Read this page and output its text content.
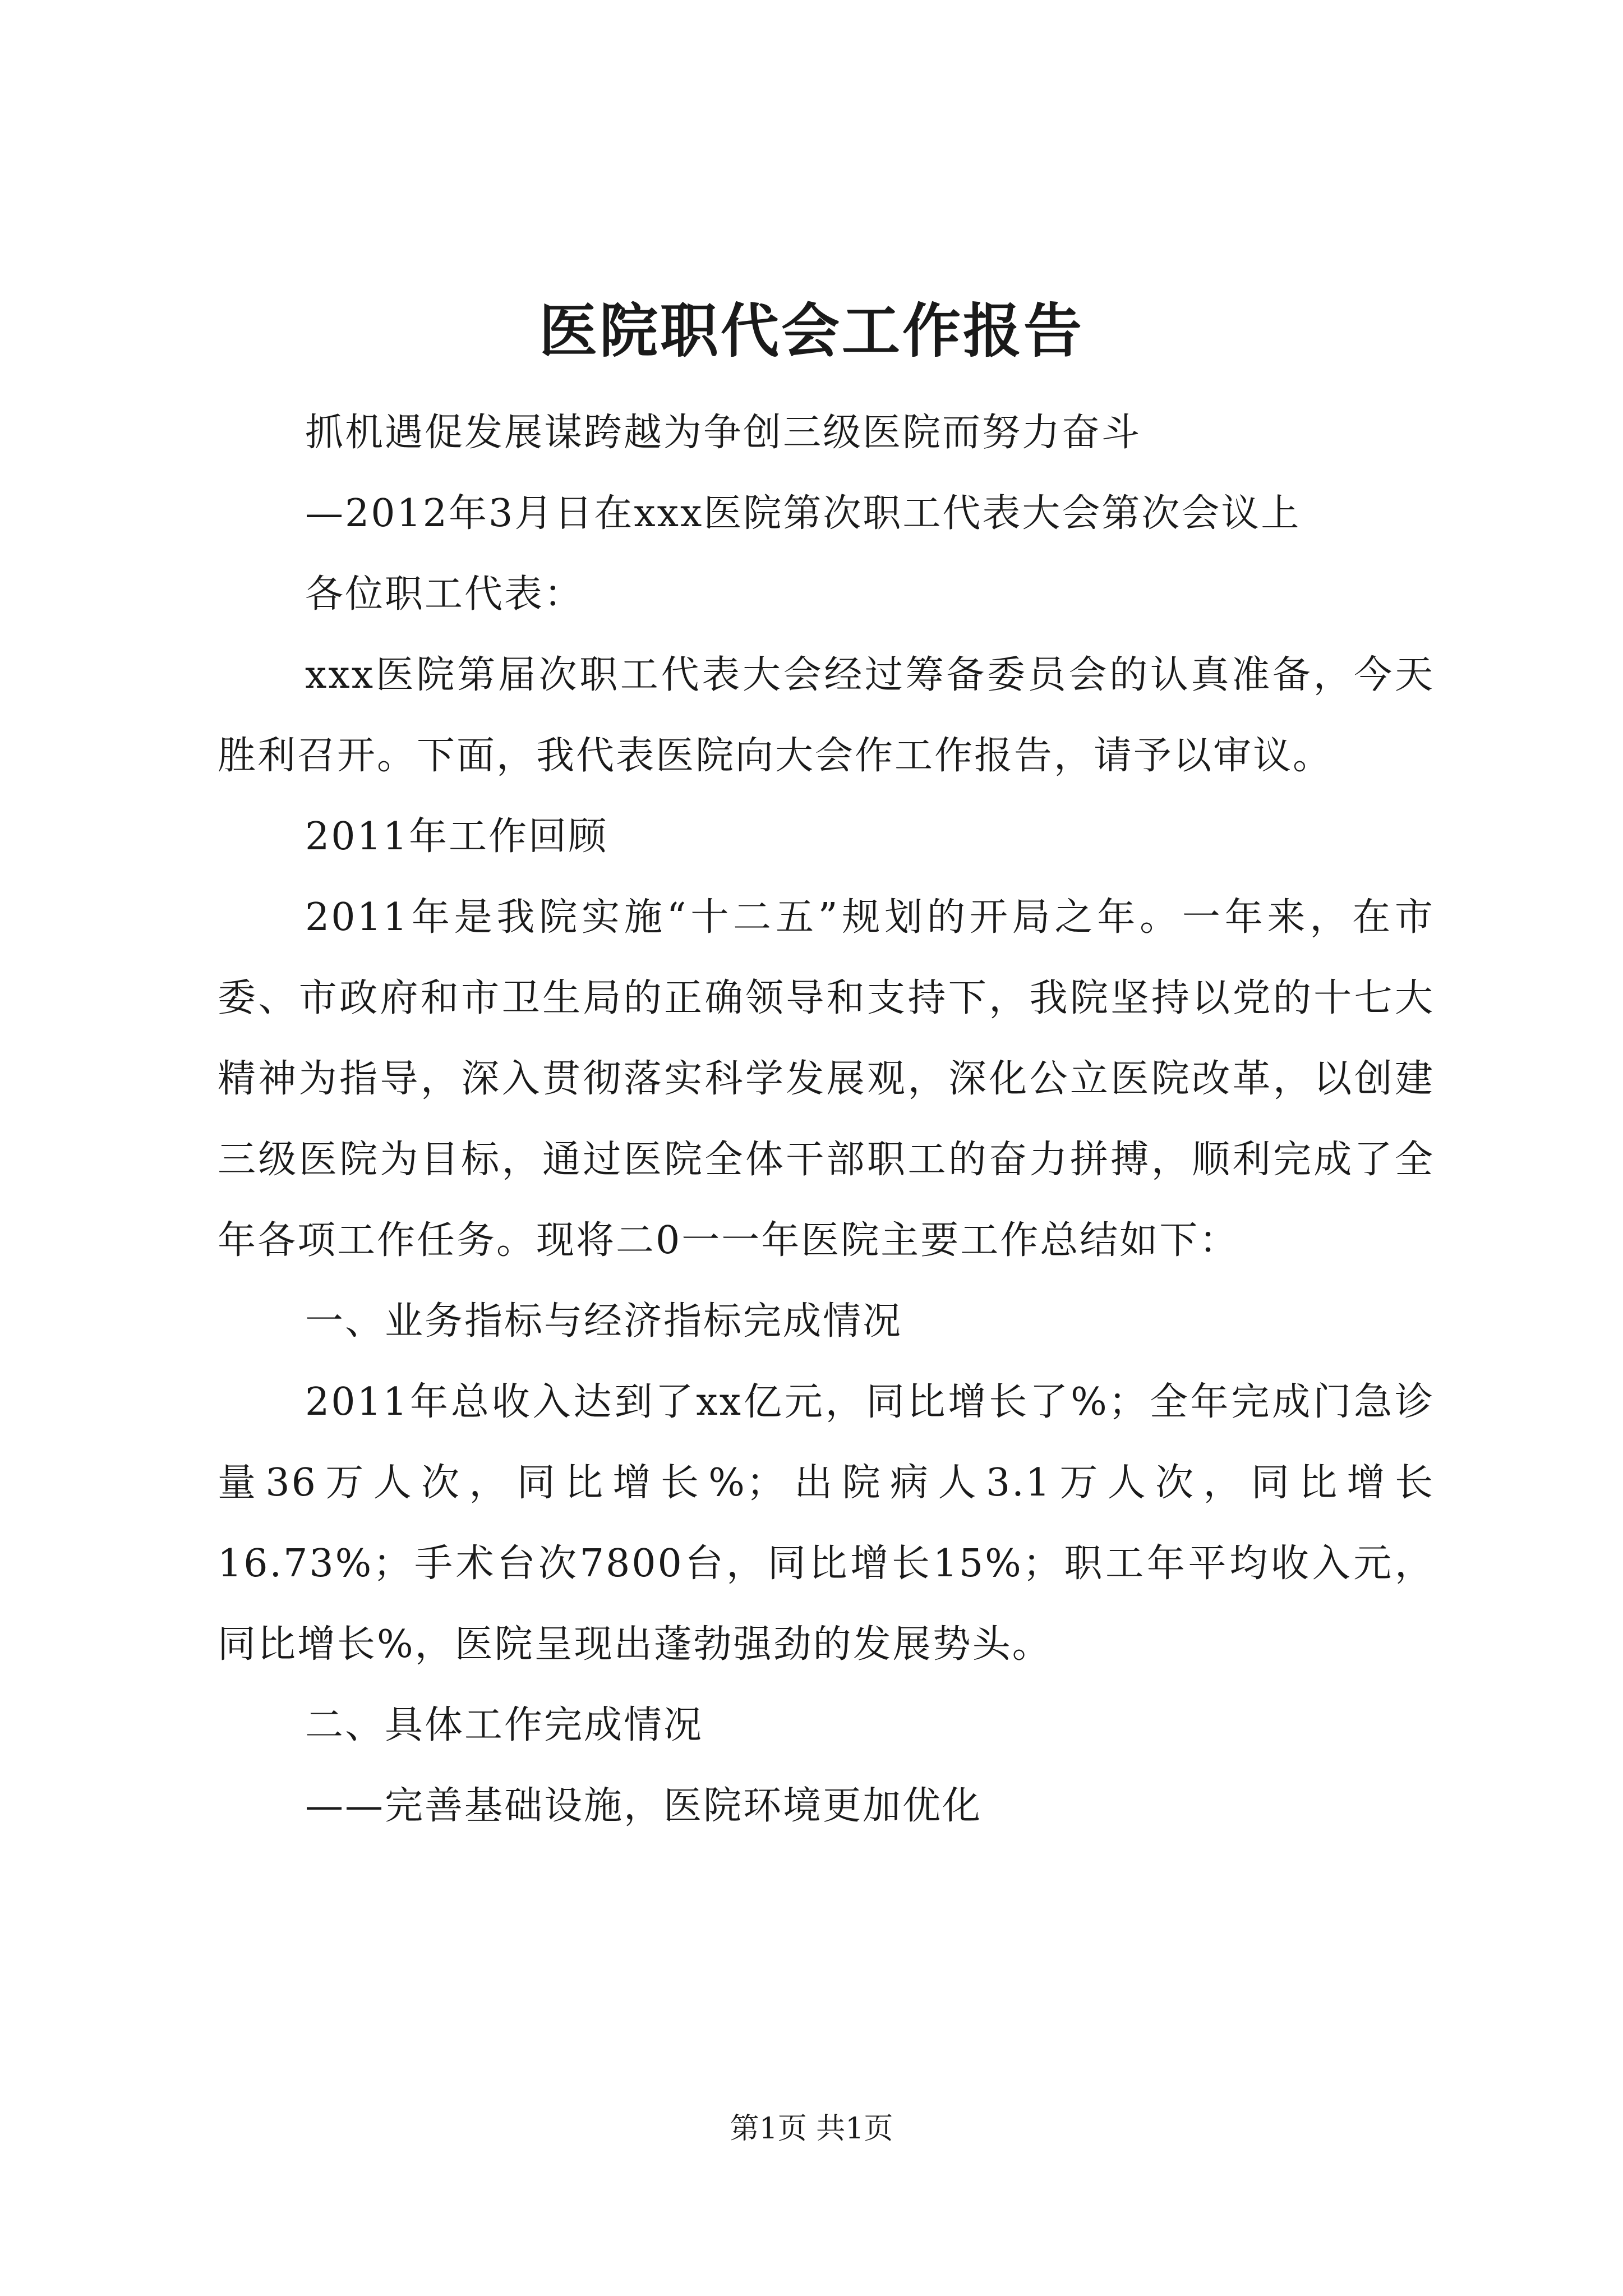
医院职代会工作报告

抓机遇促发展谋跨越为争创三级医院而努力奋斗

—2012年3月日在xxx医院第次职工代表大会第次会议上

各位职工代表：

xxx医院第届次职工代表大会经过筹备委员会的认真准备，今天胜利召开。下面，我代表医院向大会作工作报告，请予以审议。

2011年工作回顾

2011年是我院实施“十二五”规划的开局之年。一年来，在市委、市政府和市卫生局的正确领导和支持下，我院坚持以党的十七大精神为指导，深入贯彻落实科学发展观，深化公立医院改革，以创建三级医院为目标，通过医院全体干部职工的奋力拼搏，顺利完成了全年各项工作任务。现将二0一一年医院主要工作总结如下：

一、业务指标与经济指标完成情况

2011年总收入达到了xx亿元，同比增长了%；全年完成门急诊量36万人次，同比增长%；出院病人3.1万人次，同比增长16.73%；手术台次7800台，同比增长15%；职工年平均收入元，同比增长%，医院呈现出蓬勃强劲的发展势头。

二、具体工作完成情况

——完善基础设施，医院环境更加优化

第1页 共1页
